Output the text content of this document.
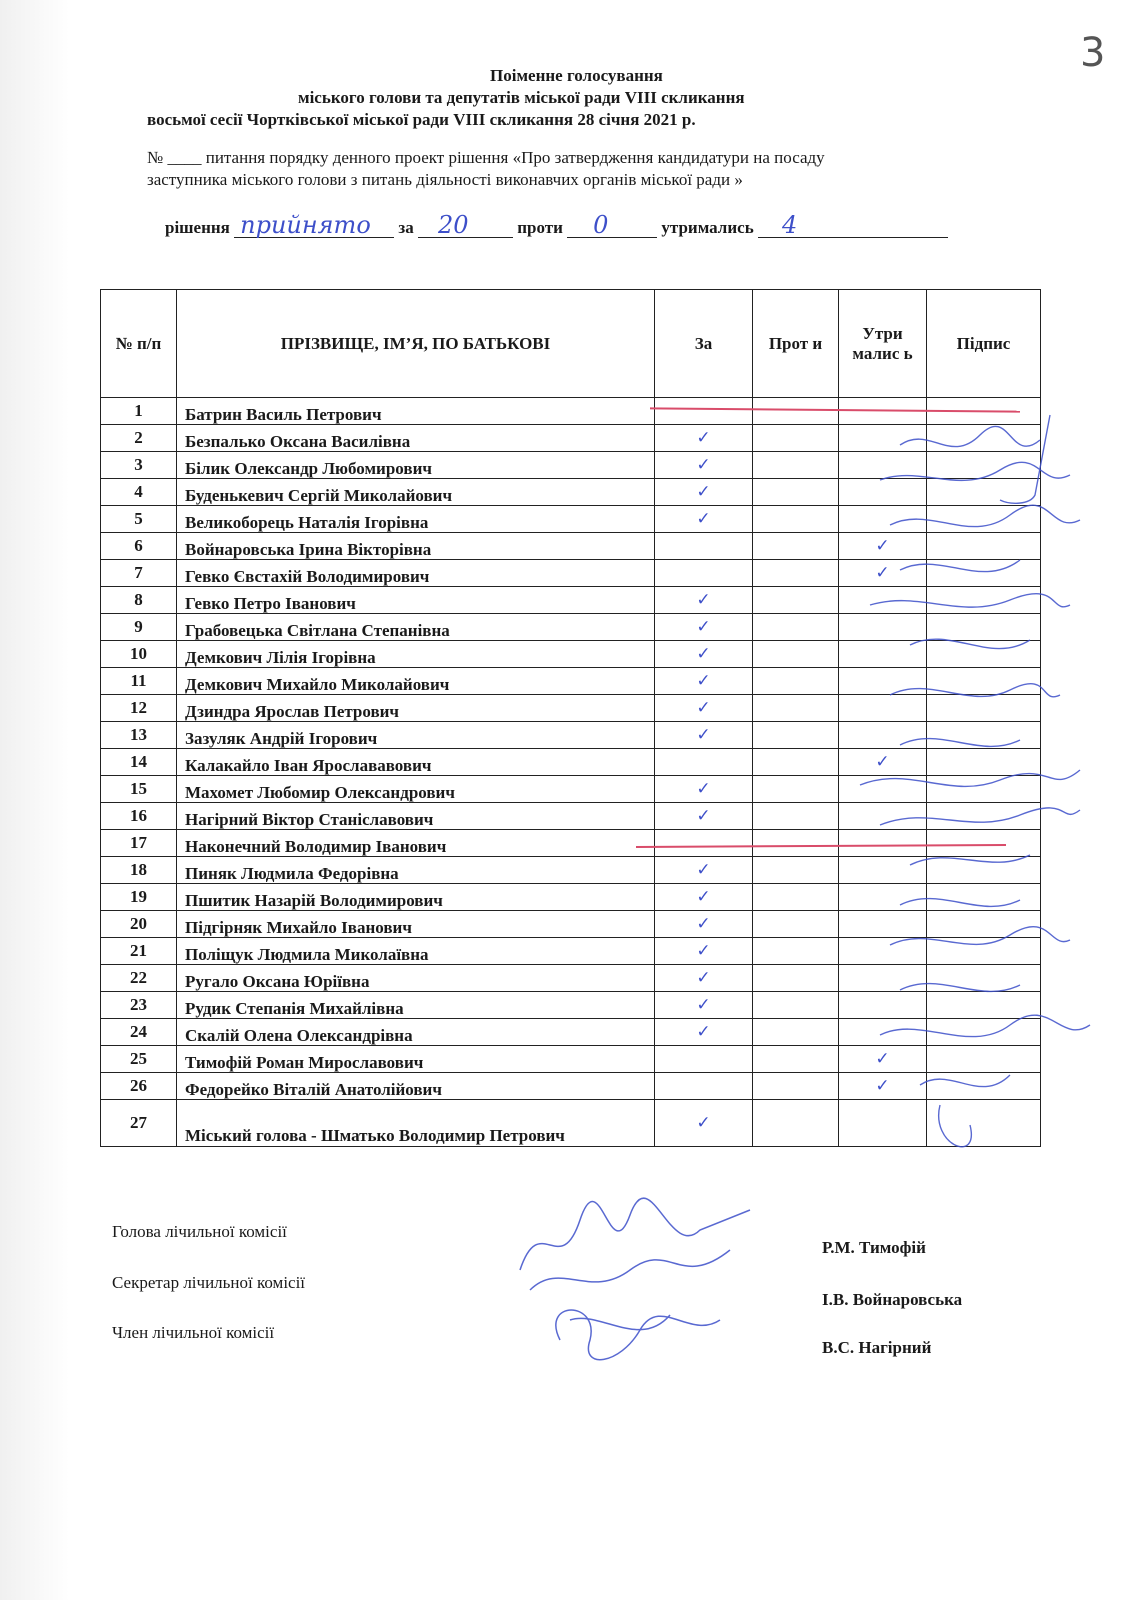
3
Поіменне голосування
міського голови та депутатів міської ради VIII скликання
восьмої сесії Чортківської міської ради VIII скликання 28 січня 2021 р.
№ ____ питання порядку денного проект рішення «Про затвердження кандидатури на посаду
заступника міського голови з питань діяльності виконавчих органів міської ради »
рішення прийнято за 20	проти 0	утримались 4
№ п/п	ПРІЗВИЩЕ, ІМ’Я, ПО БАТЬКОВІ	За	Прот и	Утри малис ь	Підпис
1	Батрин Василь Петрович				
2	Безпалько Оксана Василівна	✓			
3	Білик Олександр Любомирович	✓			
4	Буденькевич Сергій Миколайович	✓			
5	Великоборець Наталія Ігорівна	✓			
6	Войнаровська Ірина Вікторівна			✓	
7	Гевко Євстахій Володимирович			✓	
8	Гевко Петро Іванович	✓			
9	Грабовецька Світлана Степанівна	✓			
10	Демкович Лілія Ігорівна	✓			
11	Демкович Михайло Миколайович	✓			
12	Дзиндра Ярослав Петрович	✓			
13	Зазуляк Андрій Ігорович	✓			
14	Калакайло Іван Ярослававович			✓	
15	Махомет Любомир Олександрович	✓			
16	Нагірний Віктор Станіславович	✓			
17	Наконечний Володимир Іванович				
18	Пиняк Людмила Федорівна	✓			
19	Пшитик Назарій Володимирович	✓			
20	Підгірняк Михайло Іванович	✓			
21	Поліщук Людмила Миколаївна	✓			
22	Ругало Оксана Юріївна	✓			
23	Рудик Степанія Михайлівна	✓			
24	Скалій Олена Олександрівна	✓			
25	Тимофій Роман Мирославович			✓	
26	Федорейко Віталій Анатолійович			✓	
27	Міський голова - Шматько Володимир Петрович	✓			
Голова лічильної комісії
Р.М. Тимофій
Секретар лічильної комісії
І.В. Войнаровська
Член лічильної комісії
В.С. Нагірний
